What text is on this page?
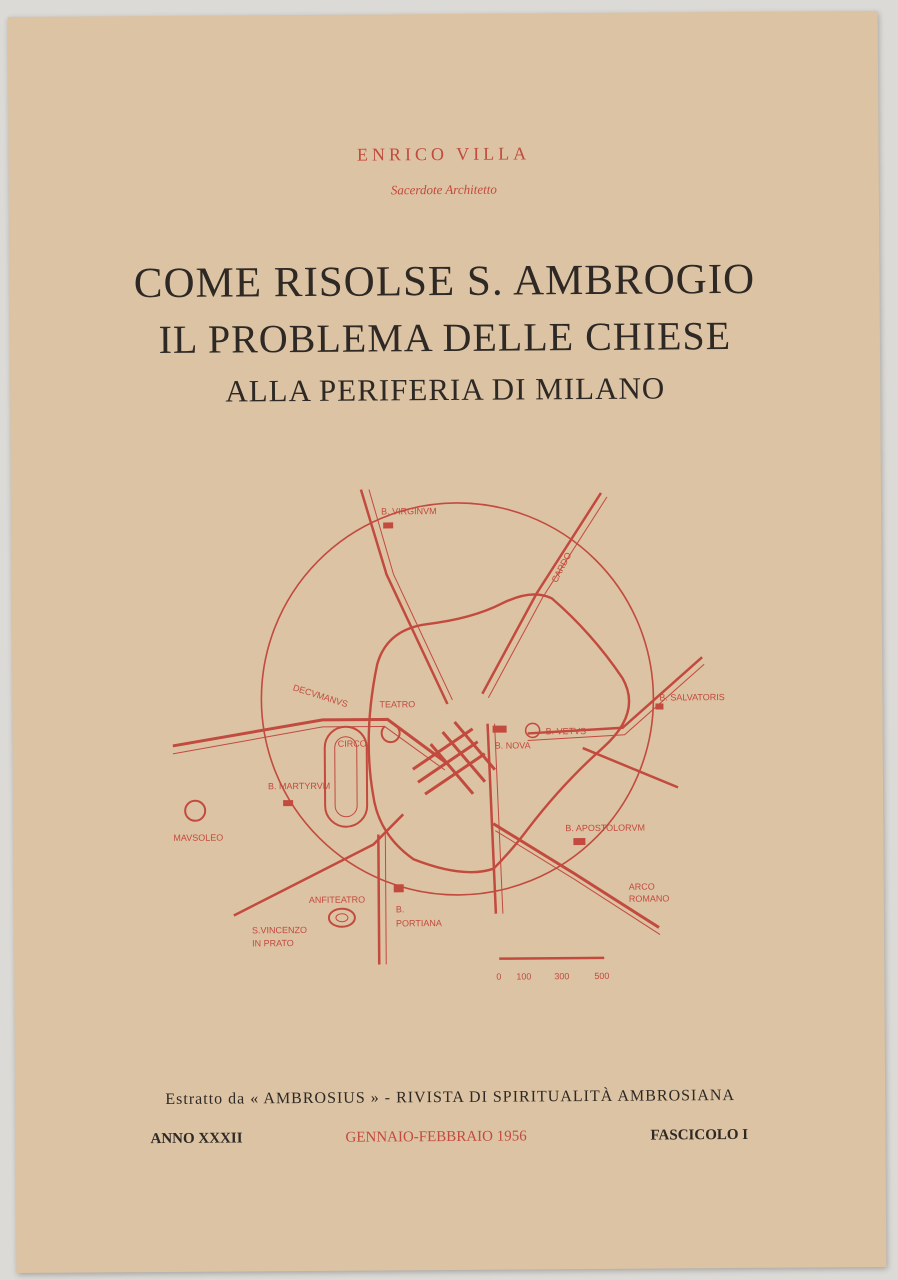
ENRICO VILLA
Sacerdote Architetto
COME RISOLSE S. AMBROGIO
IL PROBLEMA DELLE CHIESE
ALLA PERIFERIA DI MILANO
B. VIRGINVM
CARDO
DECVMANVS	TEATRO
CIRCO
B. SALVATORIS
B. VETVS
B. NOVA
B. MARTYRVM
MAVSOLEO
B. APOSTOLORVM
ARCO
ROMANO
ANFITEATRO
B.
PORTIANA
S.VINCENZO
IN PRATO
0 100	300	500
Estratto da « AMBROSIUS » - RIVISTA DI SPIRITUALITÀ AMBROSIANA
ANNO XXXII	GENNAIO-FEBBRAIO 1956	FASCICOLO I
